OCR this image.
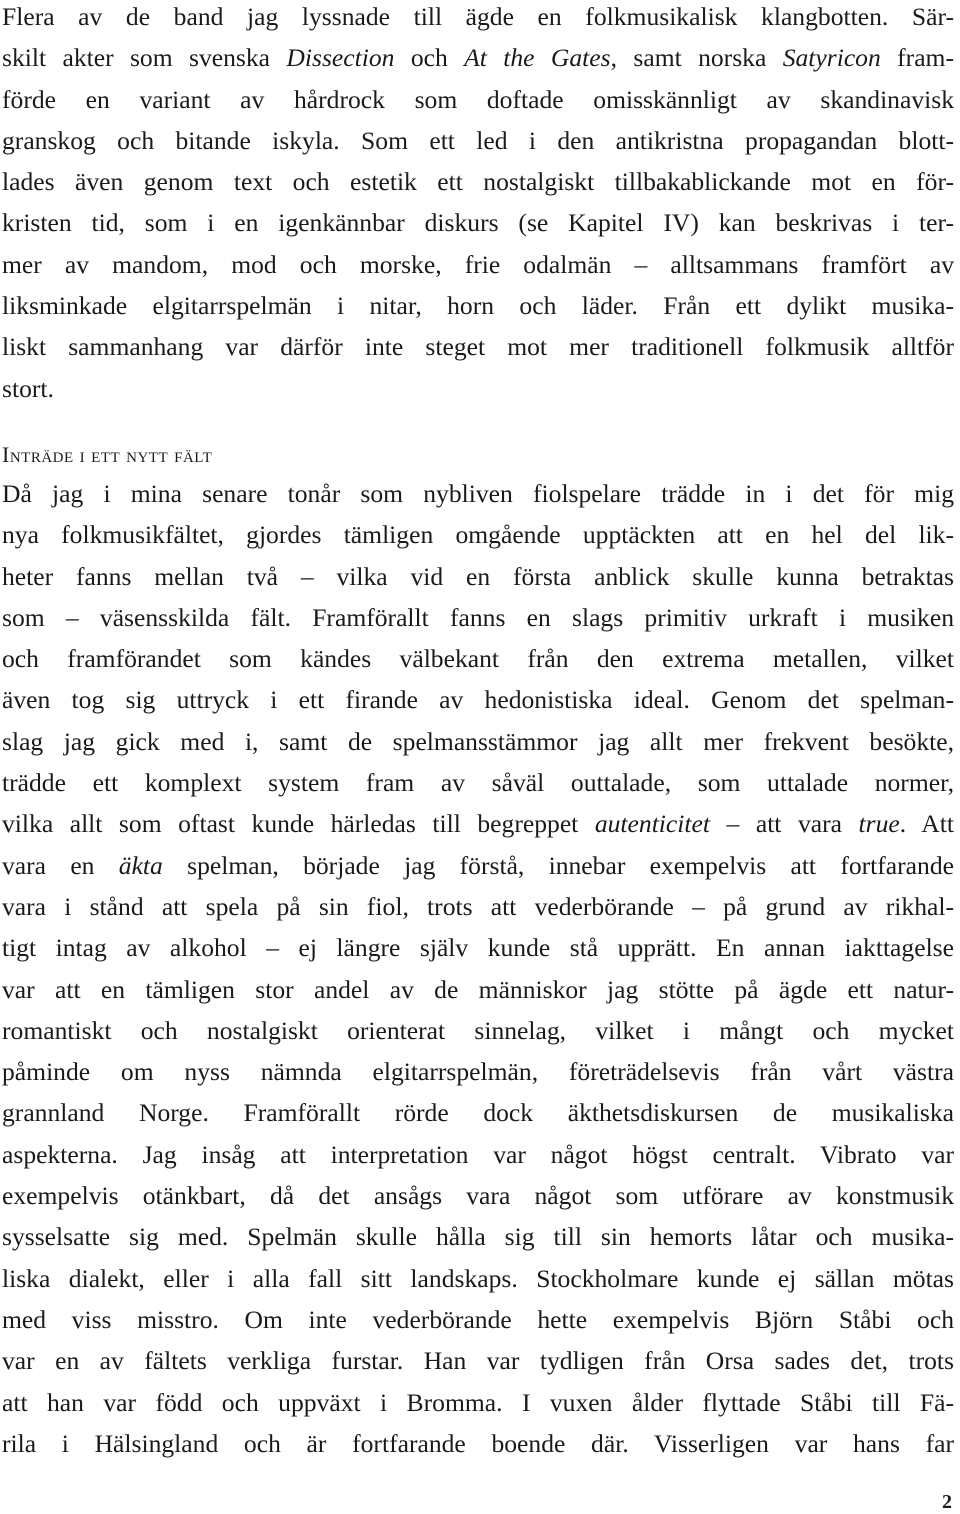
Flera av de band jag lyssnade till ägde en folkmusikalisk klangbotten. Sär-
skilt akter som svenska Dissection och At the Gates, samt norska Satyricon fram-
förde en variant av hårdrock som doftade omisskännligt av skandinavisk
granskog och bitande iskyla. Som ett led i den antikristna propagandan blott-
lades även genom text och estetik ett nostalgiskt tillbakablickande mot en för-
kristen tid, som i en igenkännbar diskurs (se Kapitel IV) kan beskrivas i ter-
mer av mandom, mod och morske, frie odalmän – alltsammans framfört av
liksminkade elgitarrspelmän i nitar, horn och läder. Från ett dylikt musika-
liskt sammanhang var därför inte steget mot mer traditionell folkmusik alltför
stort.
Inträde i ett nytt fält
Då jag i mina senare tonår som nybliven fiolspelare trädde in i det för mig
nya folkmusikfältet, gjordes tämligen omgående upptäckten att en hel del lik-
heter fanns mellan två – vilka vid en första anblick skulle kunna betraktas
som – väsensskilda fält. Framförallt fanns en slags primitiv urkraft i musiken
och framförandet som kändes välbekant från den extrema metallen, vilket
även tog sig uttryck i ett firande av hedonistiska ideal. Genom det spelman-
slag jag gick med i, samt de spelmansstämmor jag allt mer frekvent besökte,
trädde ett komplext system fram av såväl outtalade, som uttalade normer,
vilka allt som oftast kunde härledas till begreppet autenticitet – att vara true. Att
vara en äkta spelman, började jag förstå, innebar exempelvis att fortfarande
vara i stånd att spela på sin fiol, trots att vederbörande – på grund av rikhal-
tigt intag av alkohol – ej längre själv kunde stå upprätt. En annan iakttagelse
var att en tämligen stor andel av de människor jag stötte på ägde ett natur-
romantiskt och nostalgiskt orienterat sinnelag, vilket i mångt och mycket
påminde om nyss nämnda elgitarrspelmän, företrädelsevis från vårt västra
grannland Norge. Framförallt rörde dock äkthetsdiskursen de musikaliska
aspekterna. Jag insåg att interpretation var något högst centralt. Vibrato var
exempelvis otänkbart, då det ansågs vara något som utförare av konstmusik
sysselsatte sig med. Spelmän skulle hålla sig till sin hemorts låtar och musika-
liska dialekt, eller i alla fall sitt landskaps. Stockholmare kunde ej sällan mötas
med viss misstro. Om inte vederbörande hette exempelvis Björn Ståbi och
var en av fältets verkliga furstar. Han var tydligen från Orsa sades det, trots
att han var född och uppväxt i Bromma. I vuxen ålder flyttade Ståbi till Fä-
rila i Hälsingland och är fortfarande boende där. Visserligen var hans far
2
